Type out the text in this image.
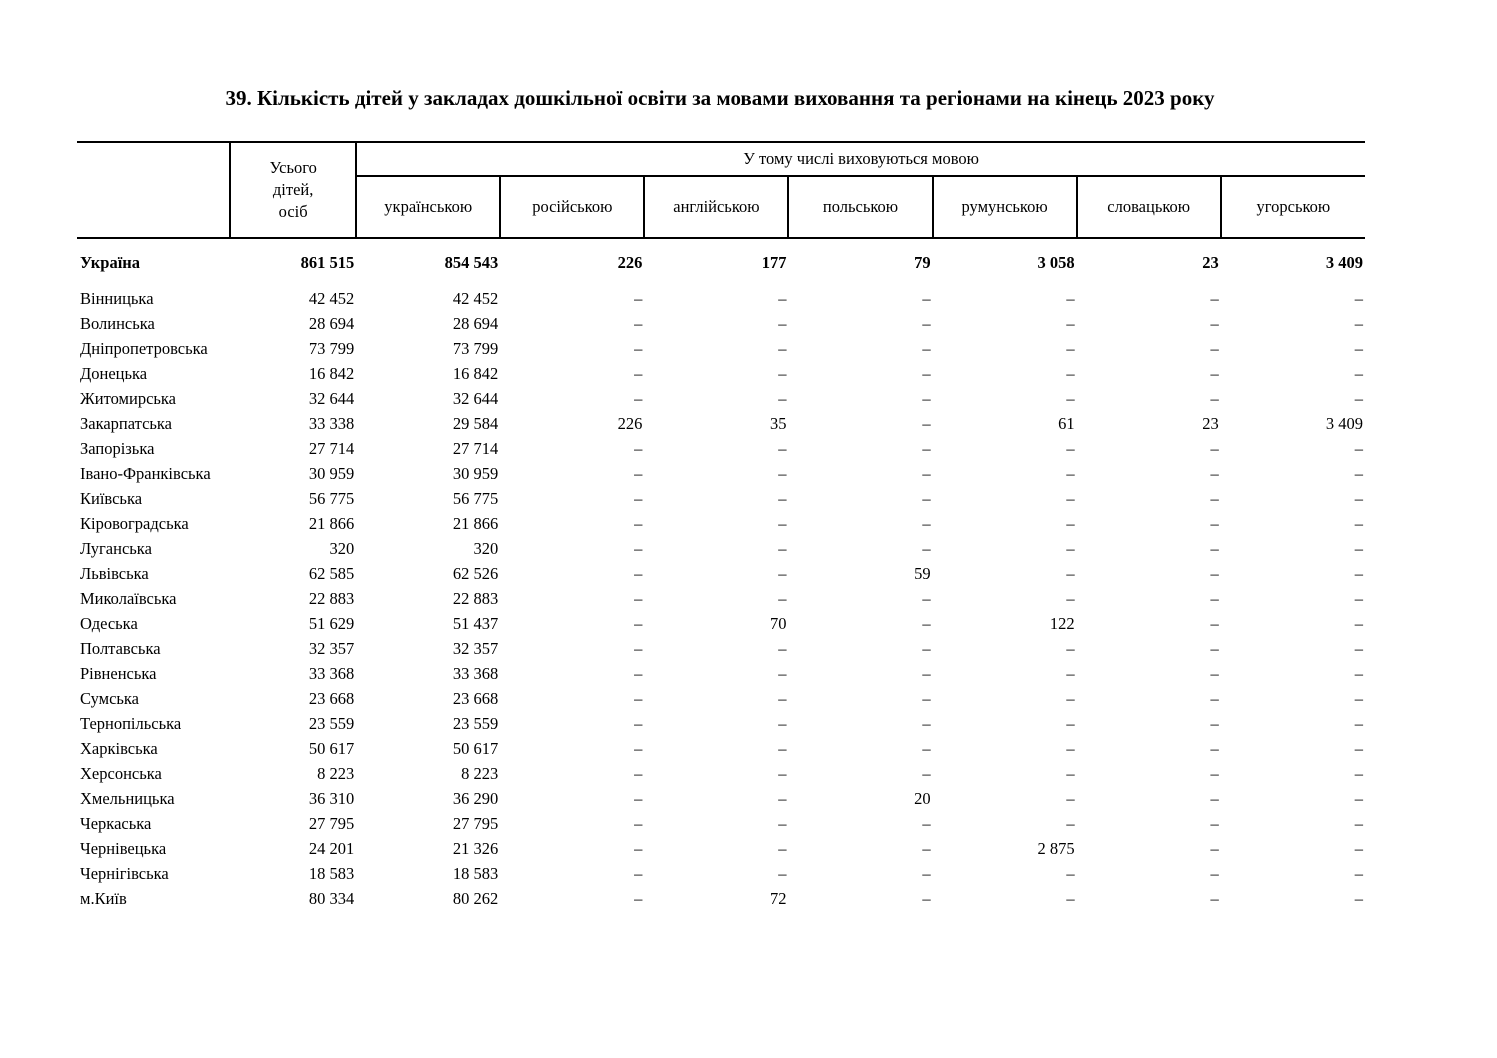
39. Кількість дітей у закладах дошкільної освіти за мовами виховання та регіонами на кінець 2023 року
	Усього
дітей,
осіб	У тому числі виховуються мовою						
		українською	російською	англійською	польською	румунською	словацькою	угорською
Україна	861 515	854 543	226	177	79	3 058	23	3 409

Вінницька	42 452	42 452	–	–	–	–	–	–
Волинська	28 694	28 694	–	–	–	–	–	–
Дніпропетровська	73 799	73 799	–	–	–	–	–	–
Донецька	16 842	16 842	–	–	–	–	–	–
Житомирська	32 644	32 644	–	–	–	–	–	–
Закарпатська	33 338	29 584	226	35	–	61	23	3 409
Запорізька	27 714	27 714	–	–	–	–	–	–
Івано-Франківська	30 959	30 959	–	–	–	–	–	–
Київська	56 775	56 775	–	–	–	–	–	–
Кіровоградська	21 866	21 866	–	–	–	–	–	–
Луганська	320	320	–	–	–	–	–	–
Львівська	62 585	62 526	–	–	59	–	–	–
Миколаївська	22 883	22 883	–	–	–	–	–	–
Одеська	51 629	51 437	–	70	–	122	–	–
Полтавська	32 357	32 357	–	–	–	–	–	–
Рівненська	33 368	33 368	–	–	–	–	–	–
Сумська	23 668	23 668	–	–	–	–	–	–
Тернопільська	23 559	23 559	–	–	–	–	–	–
Харківська	50 617	50 617	–	–	–	–	–	–
Херсонська	8 223	8 223	–	–	–	–	–	–
Хмельницька	36 310	36 290	–	–	20	–	–	–
Черкаська	27 795	27 795	–	–	–	–	–	–
Чернівецька	24 201	21 326	–	–	–	2 875	–	–
Чернігівська	18 583	18 583	–	–	–	–	–	–
м.Київ	80 334	80 262	–	72	–	–	–	–
